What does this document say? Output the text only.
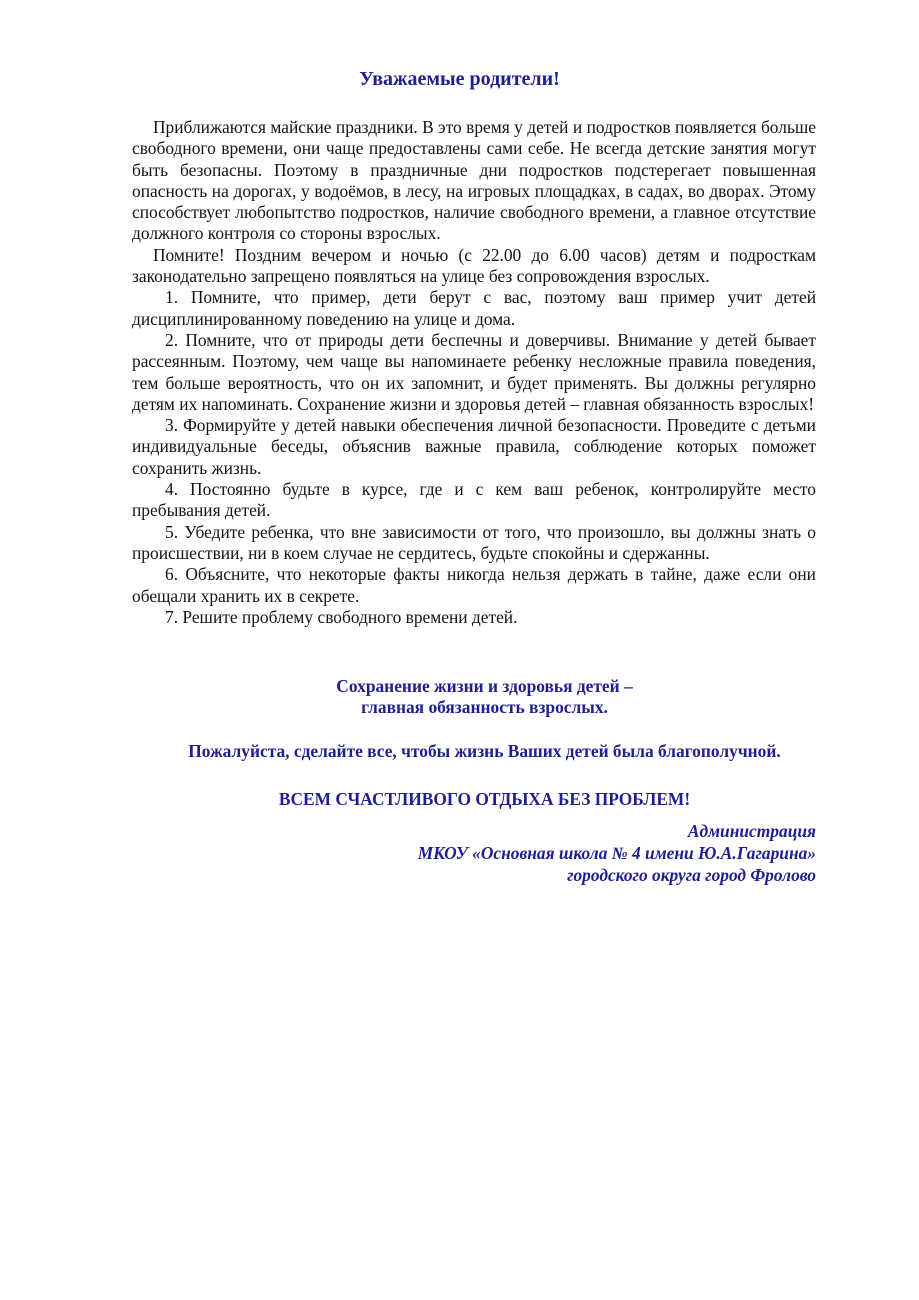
Уважаемые родители!

Приближаются майские праздники. В это время у детей и подростков появляется больше свободного времени, они чаще предоставлены сами себе. Не всегда детские занятия могут быть безопасны. Поэтому в праздничные дни подростков подстерегает повышенная опасность на дорогах, у водоёмов, в лесу, на игровых площадках, в садах, во дворах. Этому способствует любопытство подростков, наличие свободного времени, а главное отсутствие должного контроля со стороны взрослых.

Помните! Поздним вечером и ночью (с 22.00 до 6.00 часов) детям и подросткам законодательно запрещено появляться на улице без сопровождения взрослых.

1. Помните, что пример, дети берут с вас, поэтому ваш пример учит детей дисциплинированному поведению на улице и дома.

2. Помните, что от природы дети беспечны и доверчивы. Внимание у детей бывает рассеянным. Поэтому, чем чаще вы напоминаете ребенку несложные правила поведения, тем больше вероятность, что он их запомнит, и будет применять. Вы должны регулярно детям их напоминать. Сохранение жизни и здоровья детей – главная обязанность взрослых!

3. Формируйте у детей навыки обеспечения личной безопасности. Проведите с детьми индивидуальные беседы, объяснив важные правила, соблюдение которых поможет сохранить жизнь.

4. Постоянно будьте в курсе, где и с кем ваш ребенок, контролируйте место пребывания детей.

5. Убедите ребенка, что вне зависимости от того, что произошло, вы должны знать о происшествии, ни в коем случае не сердитесь, будьте спокойны и сдержанны.

6. Объясните, что некоторые факты никогда нельзя держать в тайне, даже если они обещали хранить их в секрете.

7. Решите проблему свободного времени детей.

Сохранение жизни и здоровья детей –
главная обязанность взрослых.
Пожалуйста, сделайте все, чтобы жизнь Ваших детей была благополучной.
ВСЕМ СЧАСТЛИВОГО ОТДЫХА БЕЗ ПРОБЛЕМ!
Администрация
МКОУ «Основная школа № 4 имени Ю.А.Гагарина»
городского округа город Фролово
